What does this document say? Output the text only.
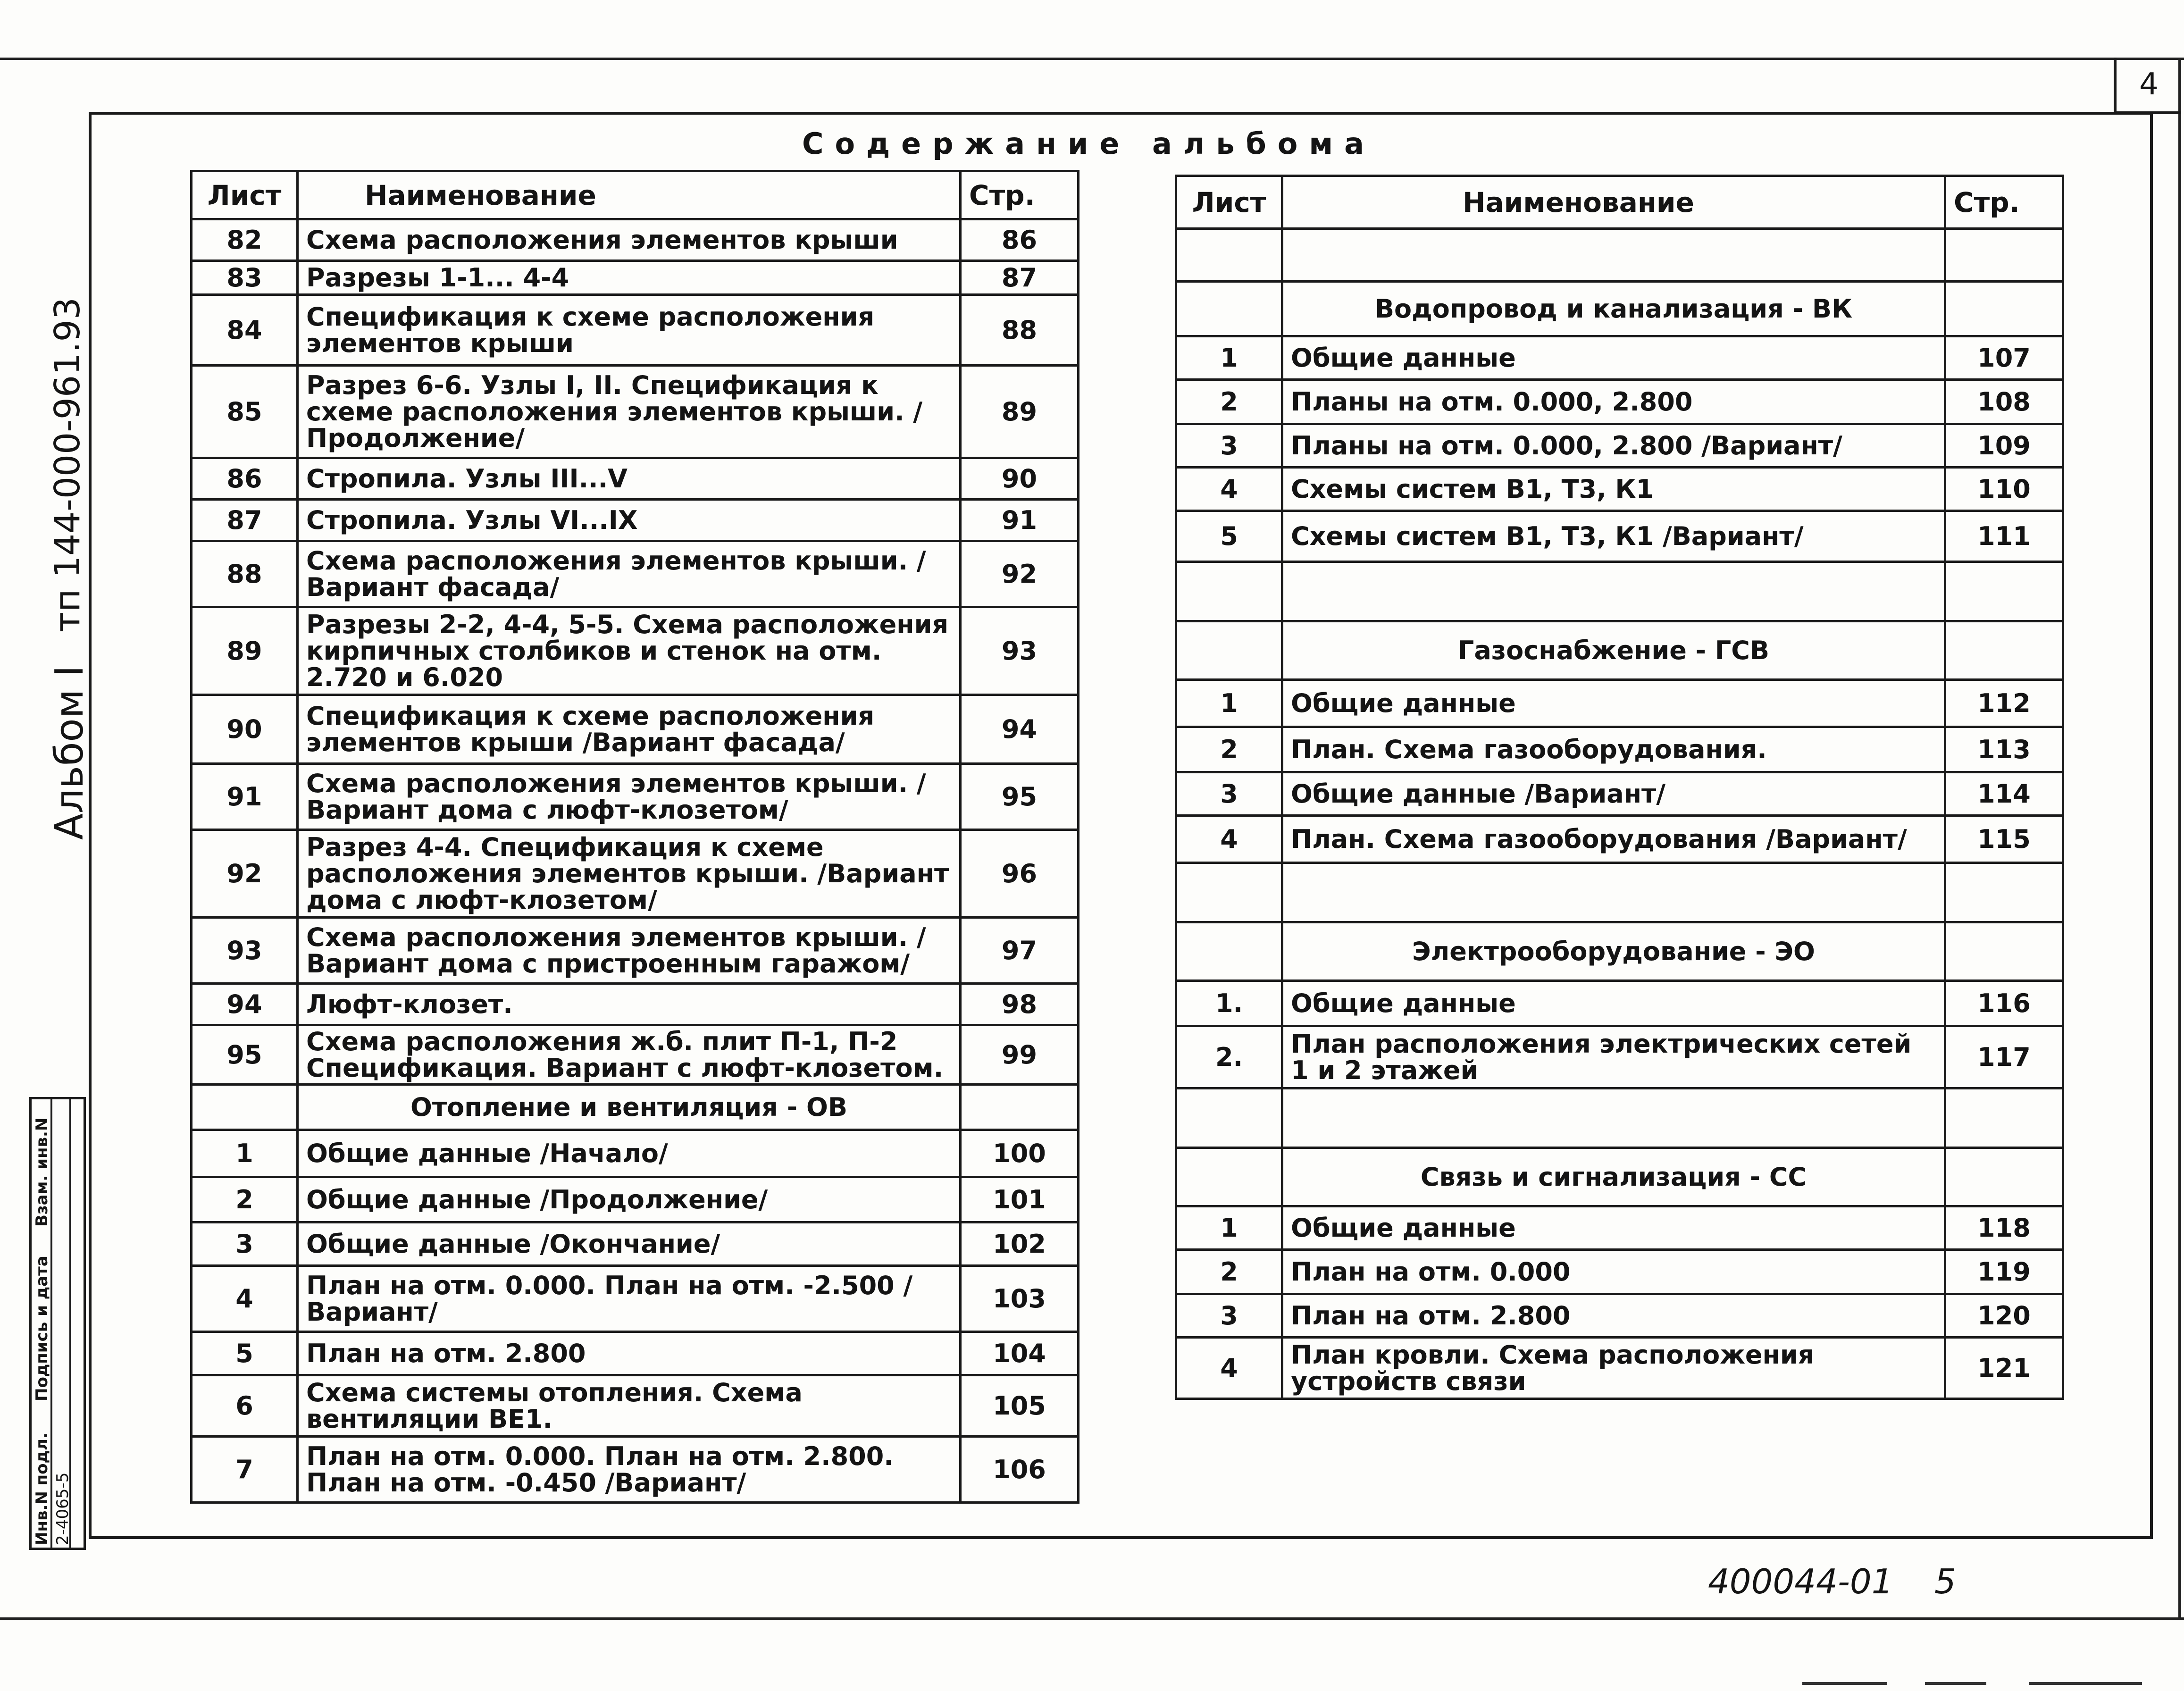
4
тп 144-000-961.93
Альбом I
Содержание альбома
Лист	Наименование	Стр.
82	Схема расположения элементов крыши	86
83	Разрезы 1-1... 4-4	87
84	Спецификация к схеме расположения элементов крыши	88
85	Разрез 6-6. Узлы I, II. Спецификация к схеме расположения элементов крыши. /Продолжение/	89
86	Стропила. Узлы III...V	90
87	Стропила. Узлы VI...IX	91
88	Схема расположения элементов крыши. /Вариант фасада/	92
89	Разрезы 2-2, 4-4, 5-5. Схема расположения кирпичных столбиков и стенок на отм. 2.720 и 6.020	93
90	Спецификация к схеме расположения элементов крыши /Вариант фасада/	94
91	Схема расположения элементов крыши. /Вариант дома с люфт-клозетом/	95
92	Разрез 4-4. Спецификация к схеме расположения элементов крыши. /Вариант дома с люфт-клозетом/	96
93	Схема расположения элементов крыши. /Вариант дома с пристроенным гаражом/	97
94	Люфт-клозет.	98
95	Схема расположения ж.б. плит П-1, П-2 Спецификация. Вариант с люфт-клозетом.	99
	Отопление и вентиляция - ОВ	
1	Общие данные /Начало/	100
2	Общие данные /Продолжение/	101
3	Общие данные /Окончание/	102
4	План на отм. 0.000. План на отм. -2.500 /Вариант/	103
5	План на отм. 2.800	104
6	Схема системы отопления. Схема вентиляции ВЕ1.	105
7	План на отм. 0.000. План на отм. 2.800. План на отм. -0.450 /Вариант/	106
Лист	Наименование	Стр.

	Водопровод и канализация - ВК	
1	Общие данные	107
2	Планы на отм. 0.000, 2.800	108
3	Планы на отм. 0.000, 2.800 /Вариант/	109
4	Схемы систем В1, Т3, К1	110
5	Схемы систем В1, Т3, К1 /Вариант/	111

	Газоснабжение - ГСВ	
1	Общие данные	112
2	План. Схема газооборудования.	113
3	Общие данные /Вариант/	114
4	План. Схема газооборудования /Вариант/	115

	Электрооборудование - ЭО	
1.	Общие данные	116
2.	План расположения электрических сетей 1 и 2 этажей	117

	Связь и сигнализация - СС	
1	Общие данные	118
2	План на отм. 0.000	119
3	План на отм. 2.800	120
4	План кровли. Схема расположения устройств связи	121
Инв.N подл.
Подпись и дата
Взам. инв.N
2-4065-5
400044-01 5
